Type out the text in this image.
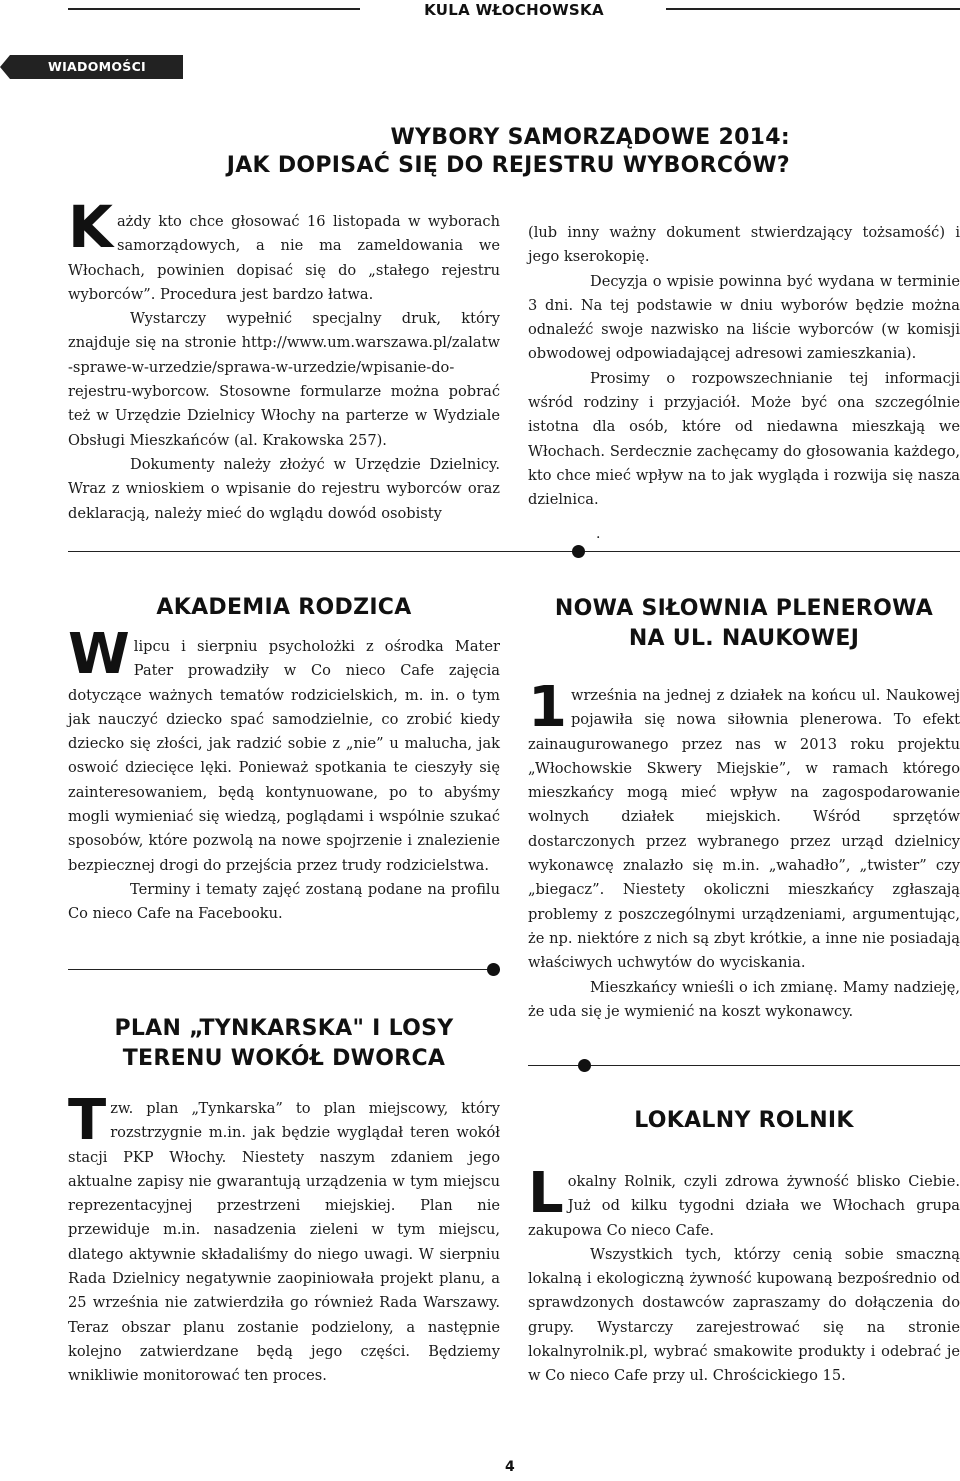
KULA WŁOCHOWSKA
WIADOMOŚCI
WYBORY SAMORZĄDOWE 2014:
JAK DOPISAĆ SIĘ DO REJESTRU WYBORCÓW?

Każdy kto chce głosować 16 listopada w wyborach samorządowych, a nie ma zameldowania we Włochach, powinien dopisać się do „stałego rejestru wyborców”. Procedura jest bardzo łatwa.

Wystarczy wypełnić specjalny druk, który znajduje się na stronie http://www.um.warszawa.pl/zalatw -sprawe-w-urzedzie/sprawa-w-urzedzie/wpisanie-do-rejestru-wyborcow. Stosowne formularze można pobrać też w Urzędzie Dzielnicy Włochy na parterze w Wydziale Obsługi Mieszkańców (al. Krakowska 257).

Dokumenty należy złożyć w Urzędzie Dzielnicy. Wraz z wnioskiem o wpisanie do rejestru wyborców oraz deklaracją, należy mieć do wglądu dowód osobisty

(lub inny ważny dokument stwierdzający tożsamość) i jego kserokopię.

Decyzja o wpisie powinna być wydana w terminie 3 dni. Na tej podstawie w dniu wyborów będzie można odnaleźć swoje nazwisko na liście wyborców (w komisji obwodowej odpowiadającej adresowi zamieszkania).

Prosimy o rozpowszechnianie tej informacji wśród rodziny i przyjaciół. Może być ona szczególnie istotna dla osób, które od niedawna mieszkają we Włochach. Serdecznie zachęcamy do głosowania każdego, kto chce mieć wpływ na to jak wygląda i rozwija się nasza dzielnica.

.
AKADEMIA RODZICA

Wlipcu i sierpniu psycholożki z ośrodka Mater Pater prowadziły w Co nieco Cafe zajęcia dotyczące ważnych tematów rodzicielskich, m. in. o tym jak nauczyć dziecko spać samodzielnie, co zrobić kiedy dziecko się złości, jak radzić sobie z „nie” u malucha, jak oswoić dziecięce lęki. Ponieważ spotkania te cieszyły się zainteresowaniem, będą kontynuowane, po to abyśmy mogli wymieniać się wiedzą, poglądami i wspólnie szukać sposobów, które pozwolą na nowe spojrzenie i znalezienie bezpiecznej drogi do przejścia przez trudy rodzicielstwa.

Terminy i tematy zajęć zostaną podane na profilu Co nieco Cafe na Facebooku.

PLAN „TYNKARSKA" I LOSY
TERENU WOKÓŁ DWORCA

Tzw. plan „Tynkarska” to plan miejscowy, który rozstrzygnie m.in. jak będzie wyglądał teren wokół stacji PKP Włochy. Niestety naszym zdaniem jego aktualne zapisy nie gwarantują urządzenia w tym miejscu reprezentacyjnej przestrzeni miejskiej. Plan nie przewiduje m.in. nasadzenia zieleni w tym miejscu, dlatego aktywnie składaliśmy do niego uwagi. W sierpniu Rada Dzielnicy negatywnie zaopiniowała projekt planu, a 25 września nie zatwierdziła go również Rada Warszawy. Teraz obszar planu zostanie podzielony, a następnie kolejno zatwierdzane będą jego części. Będziemy wnikliwie monitorować ten proces.

NOWA SIŁOWNIA PLENEROWA
NA UL. NAUKOWEJ

1 września na jednej z działek na końcu ul. Naukowej pojawiła się nowa siłownia plenerowa. To efekt zainaugurowanego przez nas w 2013 roku projektu „Włochowskie Skwery Miejskie”, w ramach którego mieszkańcy mogą mieć wpływ na zagospodarowanie wolnych działek miejskich. Wśród sprzętów dostarczonych przez wybranego przez urząd dzielnicy wykonawcę znalazło się m.in. „wahadło”, „twister” czy „biegacz”. Niestety okoliczni mieszkańcy zgłaszają problemy z poszczególnymi urządzeniami, argumentując, że np. niektóre z nich są zbyt krótkie, a inne nie posiadają właściwych uchwytów do wyciskania.

Mieszkańcy wnieśli o ich zmianę. Mamy nadzieję, że uda się je wymienić na koszt wykonawcy.

LOKALNY ROLNIK

Lokalny Rolnik, czyli zdrowa żywność blisko Ciebie. Już od kilku tygodni działa we Włochach grupa zakupowa Co nieco Cafe.

Wszystkich tych, którzy cenią sobie smaczną lokalną i ekologiczną żywność kupowaną bezpośrednio od sprawdzonych dostawców zapraszamy do dołączenia do grupy. Wystarczy zarejestrować się na stronie lokalnyrolnik.pl, wybrać smakowite produkty i odebrać je w Co nieco Cafe przy ul. Chrościckiego 15.

4
